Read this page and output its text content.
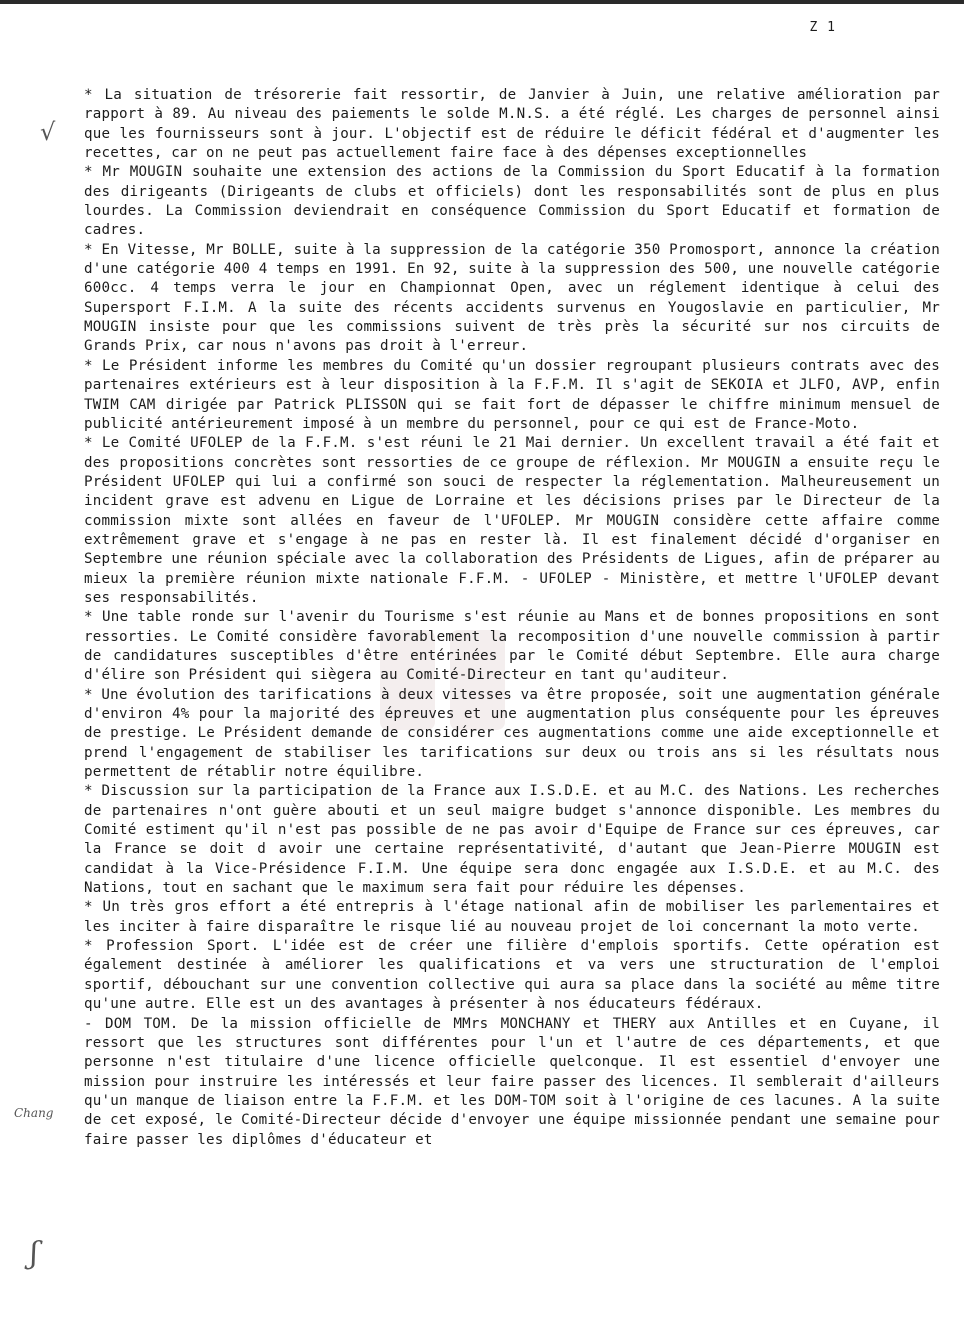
Z 1
√
Chang
ʃ

* La situation de trésorerie fait ressortir, de Janvier à Juin, une relative amélioration par rapport à 89. Au niveau des paiements le solde M.N.S. a été réglé. Les charges de personnel ainsi que les fournisseurs sont à jour. L'objectif est de réduire le déficit fédéral et d'augmenter les recettes, car on ne peut pas actuellement faire face à des dépenses exceptionnelles

* Mr MOUGIN souhaite une extension des actions de la Commission du Sport Educatif à la formation des dirigeants (Dirigeants de clubs et officiels) dont les responsabilités sont de plus en plus lourdes. La Commission deviendrait en conséquence Commission du Sport Educatif et formation de cadres.

* En Vitesse, Mr BOLLE, suite à la suppression de la catégorie 350 Promosport, annonce la création d'une catégorie 400 4 temps en 1991. En 92, suite à la suppression des 500, une nouvelle catégorie 600cc. 4 temps verra le jour en Championnat Open, avec un réglement identique à celui des Supersport F.I.M. A la suite des récents accidents survenus en Yougoslavie en particulier, Mr MOUGIN insiste pour que les commissions suivent de très près la sécurité sur nos circuits de Grands Prix, car nous n'avons pas droit à l'erreur.

* Le Président informe les membres du Comité qu'un dossier regroupant plusieurs contrats avec des partenaires extérieurs est à leur disposition à la F.F.M. Il s'agit de SEKOIA et JLFO, AVP, enfin TWIM CAM dirigée par Patrick PLISSON qui se fait fort de dépasser le chiffre minimum mensuel de publicité antérieurement imposé à un membre du personnel, pour ce qui est de France-Moto.

* Le Comité UFOLEP de la F.F.M. s'est réuni le 21 Mai dernier. Un excellent travail a été fait et des propositions concrètes sont ressorties de ce groupe de réflexion. Mr MOUGIN a ensuite reçu le Président UFOLEP qui lui a confirmé son souci de respecter la réglementation. Malheureusement un incident grave est advenu en Ligue de Lorraine et les décisions prises par le Directeur de la commission mixte sont allées en faveur de l'UFOLEP. Mr MOUGIN considère cette affaire comme extrêmement grave et s'engage à ne pas en rester là. Il est finalement décidé d'organiser en Septembre une réunion spéciale avec la collaboration des Présidents de Ligues, afin de préparer au mieux la première réunion mixte nationale F.F.M. - UFOLEP - Ministère, et mettre l'UFOLEP devant ses responsabilités.

* Une table ronde sur l'avenir du Tourisme s'est réunie au Mans et de bonnes propositions en sont ressorties. Le Comité considère favorablement la recomposition d'une nouvelle commission à partir de candidatures susceptibles d'être entérinées par le Comité début Septembre. Elle aura charge d'élire son Président qui siègera au Comité-Directeur en tant qu'auditeur.

* Une évolution des tarifications à deux vitesses va être proposée, soit une augmentation générale d'environ 4% pour la majorité des épreuves et une augmentation plus conséquente pour les épreuves de prestige. Le Président demande de considérer ces augmentations comme une aide exceptionnelle et prend l'engagement de stabiliser les tarifications sur deux ou trois ans si les résultats nous permettent de rétablir notre équilibre.

* Discussion sur la participation de la France aux I.S.D.E. et au M.C. des Nations. Les recherches de partenaires n'ont guère abouti et un seul maigre budget s'annonce disponible. Les membres du Comité estiment qu'il n'est pas possible de ne pas avoir d'Equipe de France sur ces épreuves, car la France se doit d avoir une certaine représentativité, d'autant que Jean-Pierre MOUGIN est candidat à la Vice-Présidence F.I.M. Une équipe sera donc engagée aux I.S.D.E. et au M.C. des Nations, tout en sachant que le maximum sera fait pour réduire les dépenses.

* Un très gros effort a été entrepris à l'étage national afin de mobiliser les parlementaires et les inciter à faire disparaître le risque lié au nouveau projet de loi concernant la moto verte.

* Profession Sport. L'idée est de créer une filière d'emplois sportifs. Cette opération est également destinée à améliorer les qualifications et va vers une structuration de l'emploi sportif, débouchant sur une convention collective qui aura sa place dans la société au même titre qu'une autre. Elle est un des avantages à présenter à nos éducateurs fédéraux.

- DOM TOM. De la mission officielle de MMrs MONCHANY et THERY aux Antilles et en Cuyane, il ressort que les structures sont différentes pour l'un et l'autre de ces départements, et que personne n'est titulaire d'une licence officielle quelconque. Il est essentiel d'envoyer une mission pour instruire les intéressés et leur faire passer des licences. Il semblerait d'ailleurs qu'un manque de liaison entre la F.F.M. et les DOM-TOM soit à l'origine de ces lacunes. A la suite de cet exposé, le Comité-Directeur décide d'envoyer une équipe missionnée pendant une semaine pour faire passer les diplômes d'éducateur et
